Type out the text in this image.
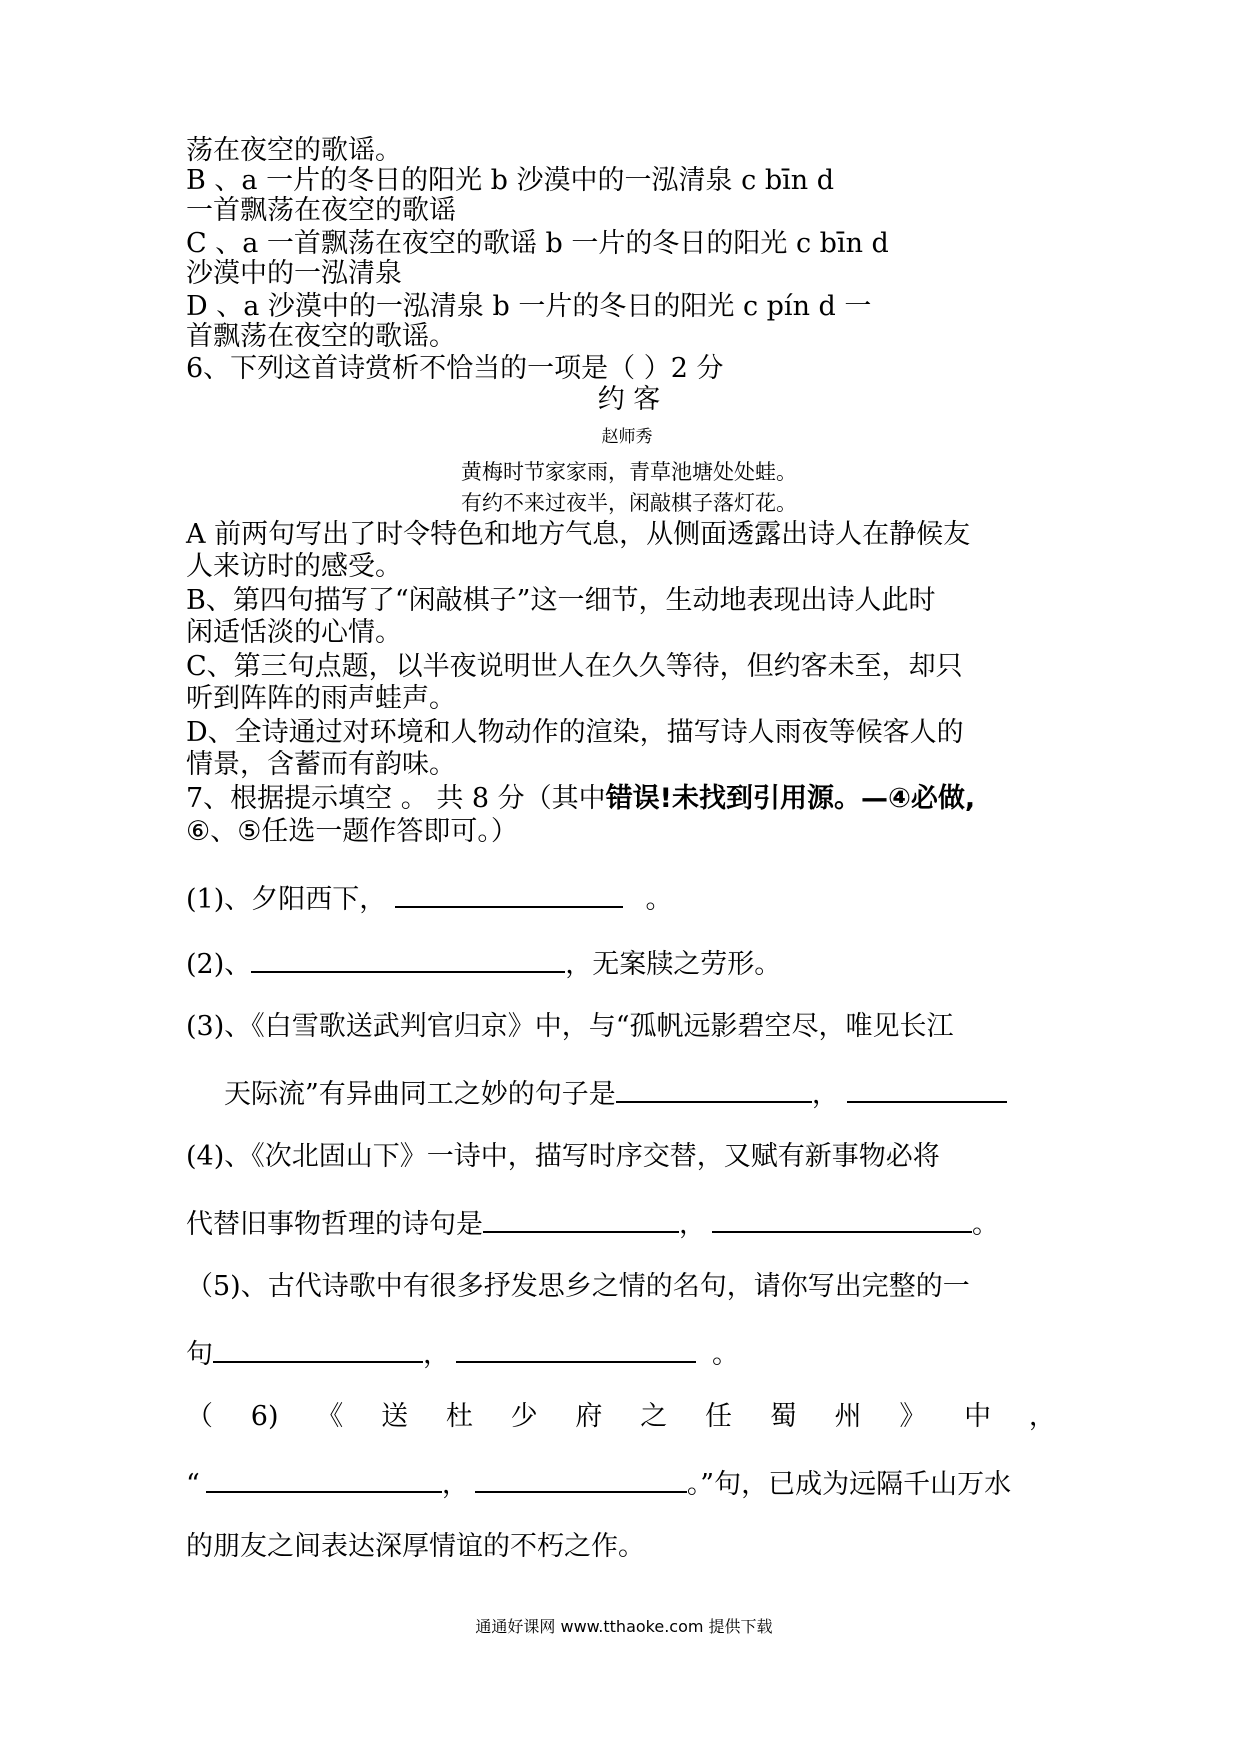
荡在夜空的歌谣。
B 、a 一片的冬日的阳光 b 沙漠中的一泓清泉 c bīn d
一首飘荡在夜空的歌谣
C 、a 一首飘荡在夜空的歌谣 b 一片的冬日的阳光 c bīn d
沙漠中的一泓清泉
D 、a 沙漠中的一泓清泉 b 一片的冬日的阳光 c pín d 一
首飘荡在夜空的歌谣。
6、下列这首诗赏析不恰当的一项是（ ）2 分
约 客
赵师秀
黄梅时节家家雨，青草池塘处处蛙。
有约不来过夜半，闲敲棋子落灯花。
A 前两句写出了时令特色和地方气息，从侧面透露出诗人在静候友
人来访时的感受。
B、第四句描写了“闲敲棋子”这一细节，生动地表现出诗人此时
闲适恬淡的心情。
C、第三句点题，以半夜说明世人在久久等待，但约客未至，却只
听到阵阵的雨声蛙声。
D、全诗通过对环境和人物动作的渲染，描写诗人雨夜等候客人的
情景，含蓄而有韵味。
7、根据提示填空 。 共 8 分（其中错误!未找到引用源。—④必做,
⑥、⑤任选一题作答即可。）
(1)、夕阳西下，	。
(2)、	，无案牍之劳形。
(3)、《白雪歌送武判官归京》中，与“孤帆远影碧空尽，唯见长江
天际流”有异曲同工之妙的句子是	，
(4)、《次北固山下》一诗中，描写时序交替，又赋有新事物必将
代替旧事物哲理的诗句是	，	。
（5)、古代诗歌中有很多抒发思乡之情的名句，请你写出完整的一
句	，	。
（ 6) 《 送 杜 少 府 之 任 蜀 州 》 中 ，
“	，	。”句，已成为远隔千山万水
的朋友之间表达深厚情谊的不朽之作。
通通好课网 www.tthaoke.com 提供下载
